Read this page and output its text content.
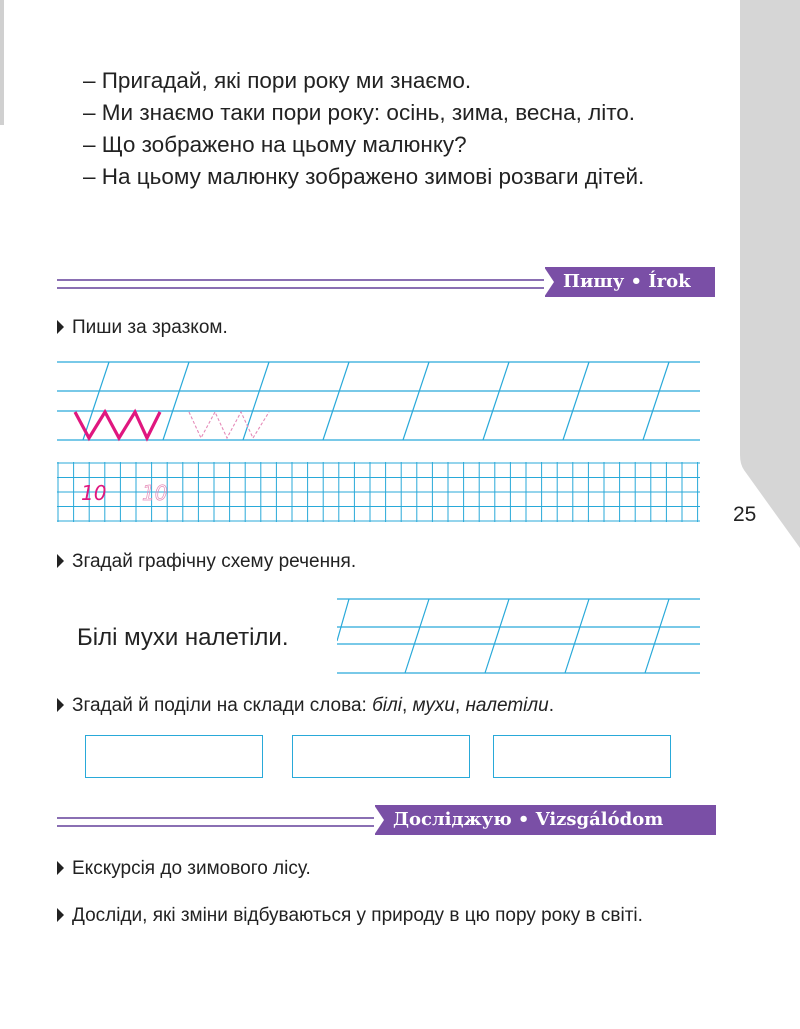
25

– Пригадай, які пори року ми знаємо.

– Ми знаємо таки пори року: осінь, зима, весна, літо.

– Що зображено на цьому малюнку?

– На цьому малюнку зображено зимові розваги дітей.

Пишу • Írok
Пиши за зразком.
10 10
Згадай графічну схему речення.
Білі мухи налетіли.
Згадай й поділи на склади слова: білі, мухи, налетіли.
Досліджую • Vizsgálódom
Екскурсія до зимового лісу.
Досліди, які зміни відбуваються у природу в цю пору року в світі.
